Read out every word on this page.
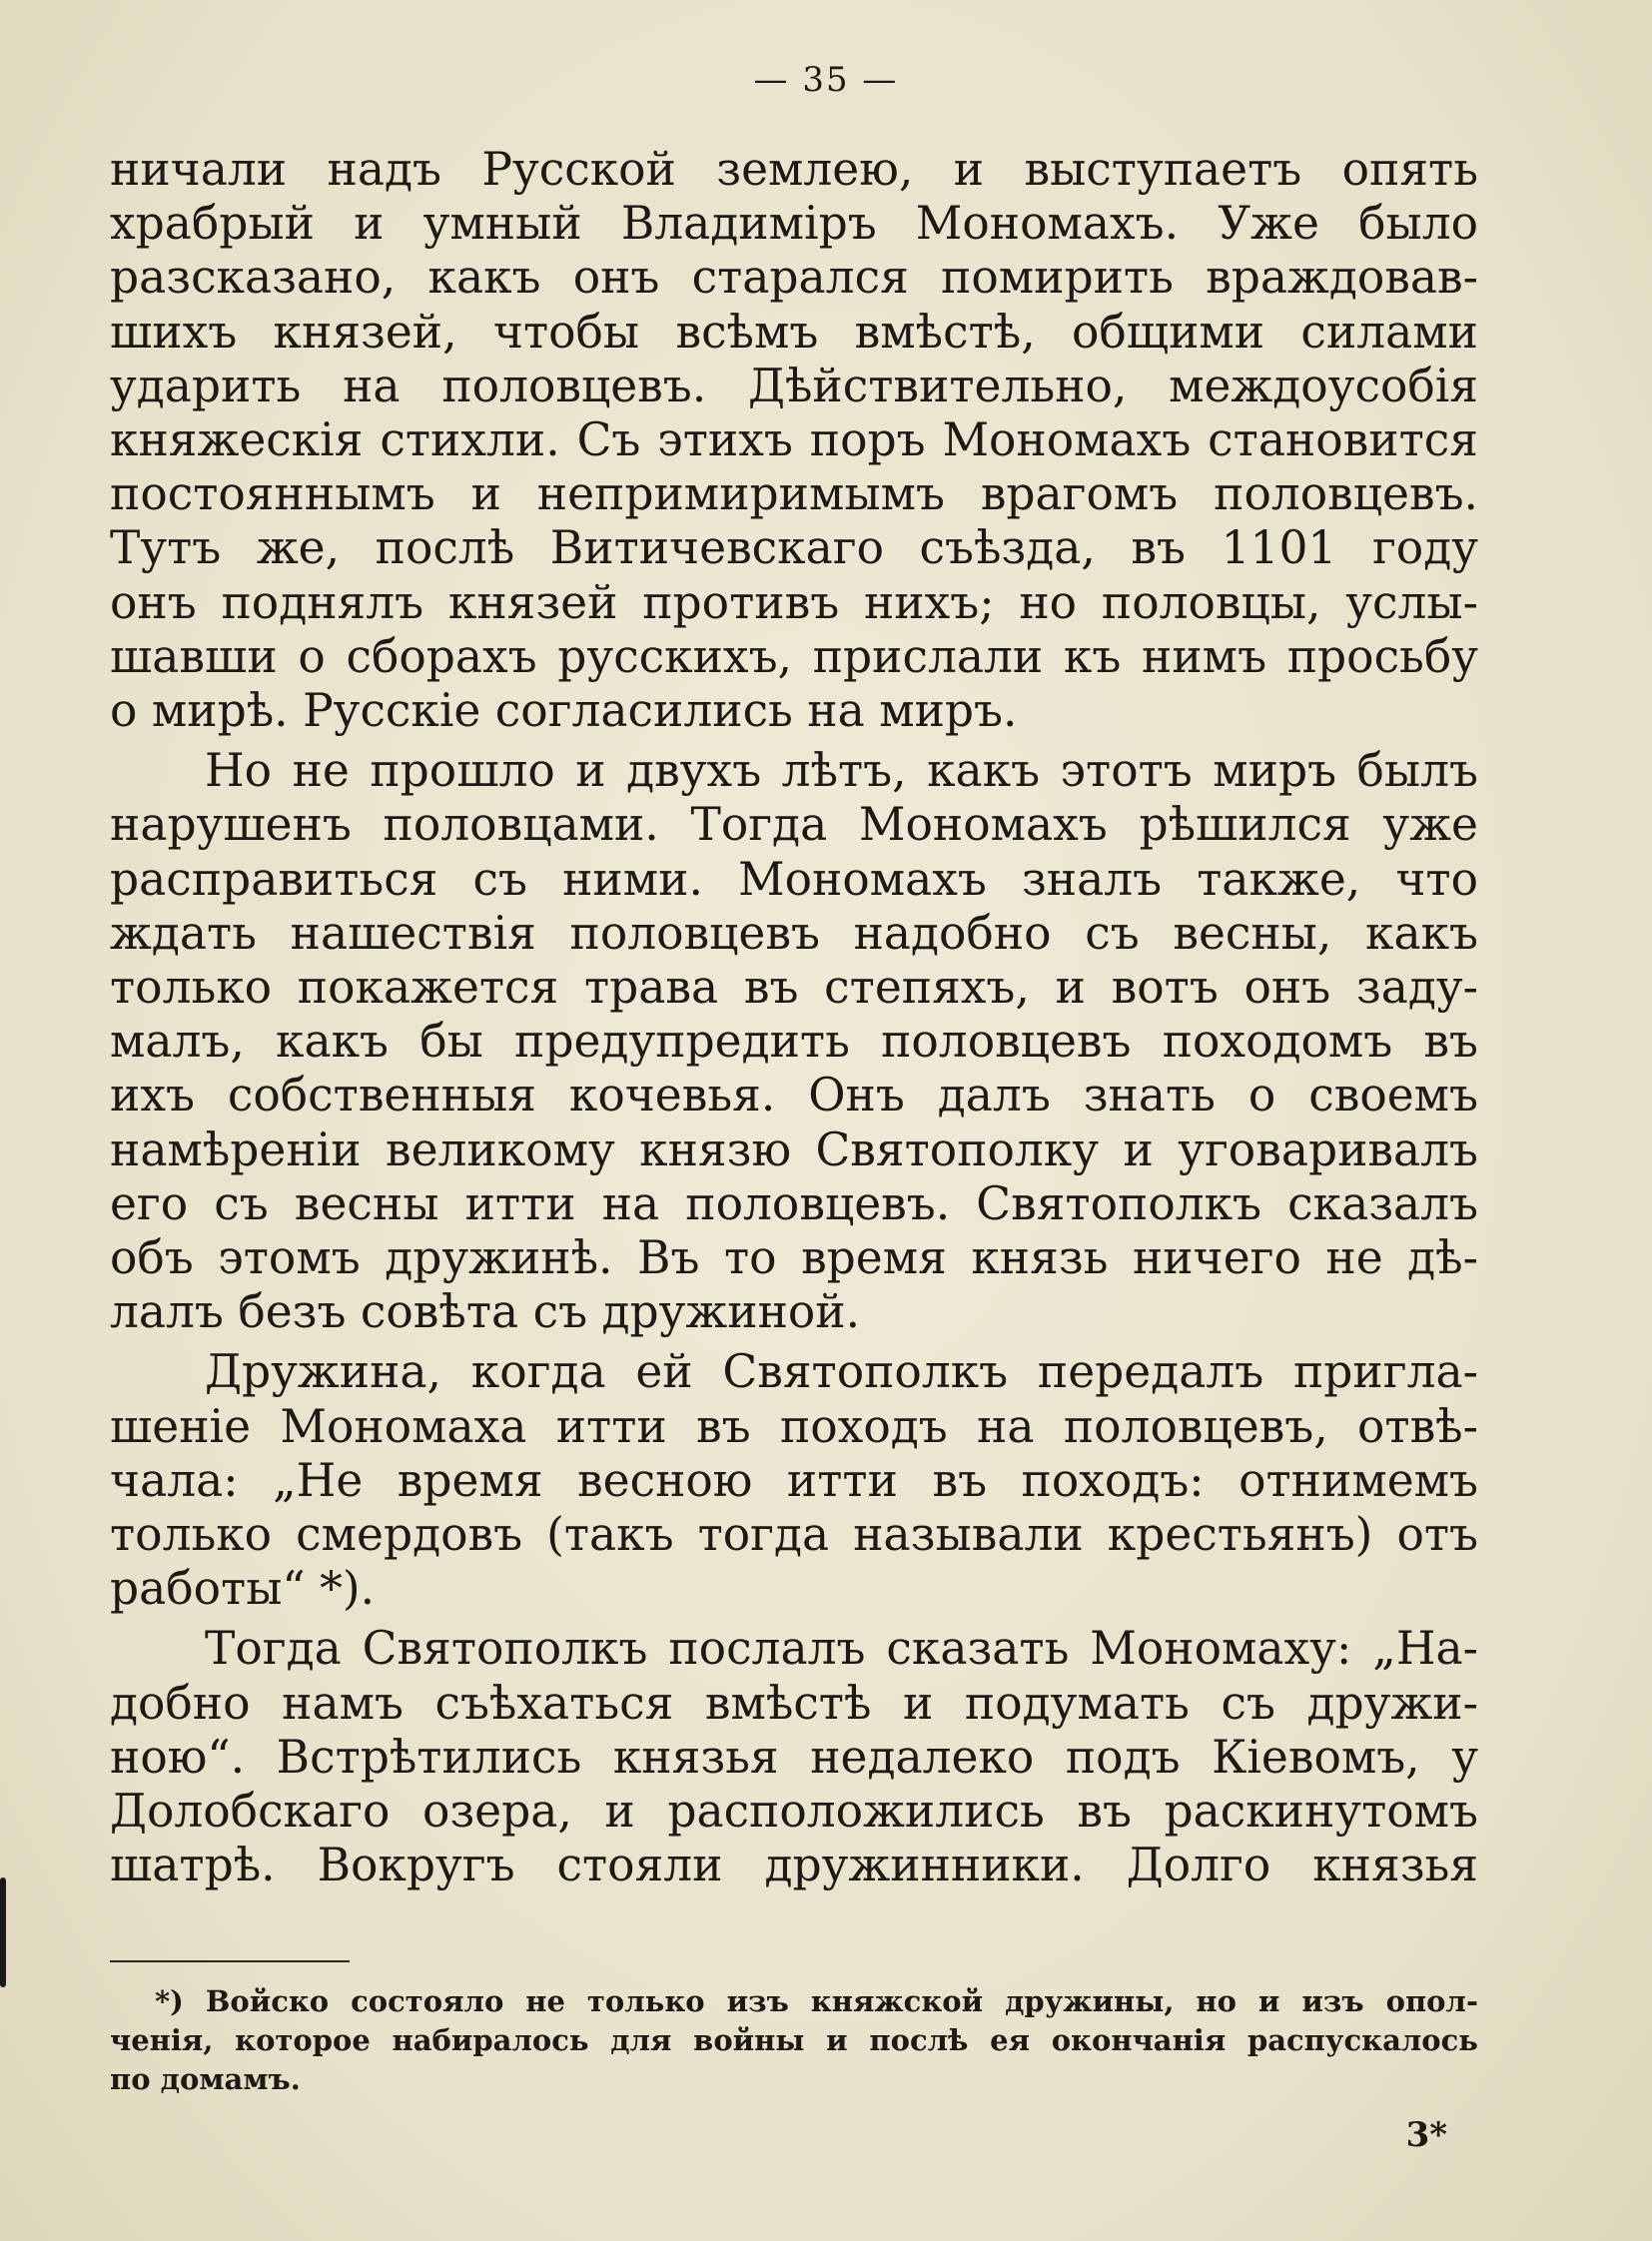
— 35 —
ничали надъ Русской землею, и выступаетъ опять
храбрый и умный Владиміръ Мономахъ. Уже было
разсказано, какъ онъ старался помирить враждовав-
шихъ князей, чтобы всѣмъ вмѣстѣ, общими силами
ударить на половцевъ. Дѣйствительно, междоусобія
княжескія стихли. Съ этихъ поръ Мономахъ становится
постояннымъ и непримиримымъ врагомъ половцевъ.
Тутъ же, послѣ Витичевскаго съѣзда, въ 1101 году
онъ поднялъ князей противъ нихъ; но половцы, услы-
шавши о сборахъ русскихъ, прислали къ нимъ просьбу
о мирѣ. Русскіе согласились на миръ.
Но не прошло и двухъ лѣтъ, какъ этотъ миръ былъ
нарушенъ половцами. Тогда Мономахъ рѣшился уже
расправиться съ ними. Мономахъ зналъ также, что
ждать нашествія половцевъ надобно съ весны, какъ
только покажется трава въ степяхъ, и вотъ онъ заду-
малъ, какъ бы предупредить половцевъ походомъ въ
ихъ собственныя кочевья. Онъ далъ знать о своемъ
намѣреніи великому князю Святополку и уговаривалъ
его съ весны итти на половцевъ. Святополкъ сказалъ
объ этомъ дружинѣ. Въ то время князь ничего не дѣ-
лалъ безъ совѣта съ дружиной.
Дружина, когда ей Святополкъ передалъ пригла-
шеніе Мономаха итти въ походъ на половцевъ, отвѣ-
чала: „Не время весною итти въ походъ: отнимемъ
только смердовъ (такъ тогда называли крестьянъ) отъ
работы“ *).
Тогда Святополкъ послалъ сказать Мономаху: „На-
добно намъ съѣхаться вмѣстѣ и подумать съ дружи-
ною“. Встрѣтились князья недалеко подъ Кіевомъ, у
Долобскаго озера, и расположились въ раскинутомъ
шатрѣ. Вокругъ стояли дружинники. Долго князья
*) Войско состояло не только изъ княжской дружины, но и изъ опол-
ченія, которое набиралось для войны и послѣ ея окончанія распускалось
по домамъ.
3*
